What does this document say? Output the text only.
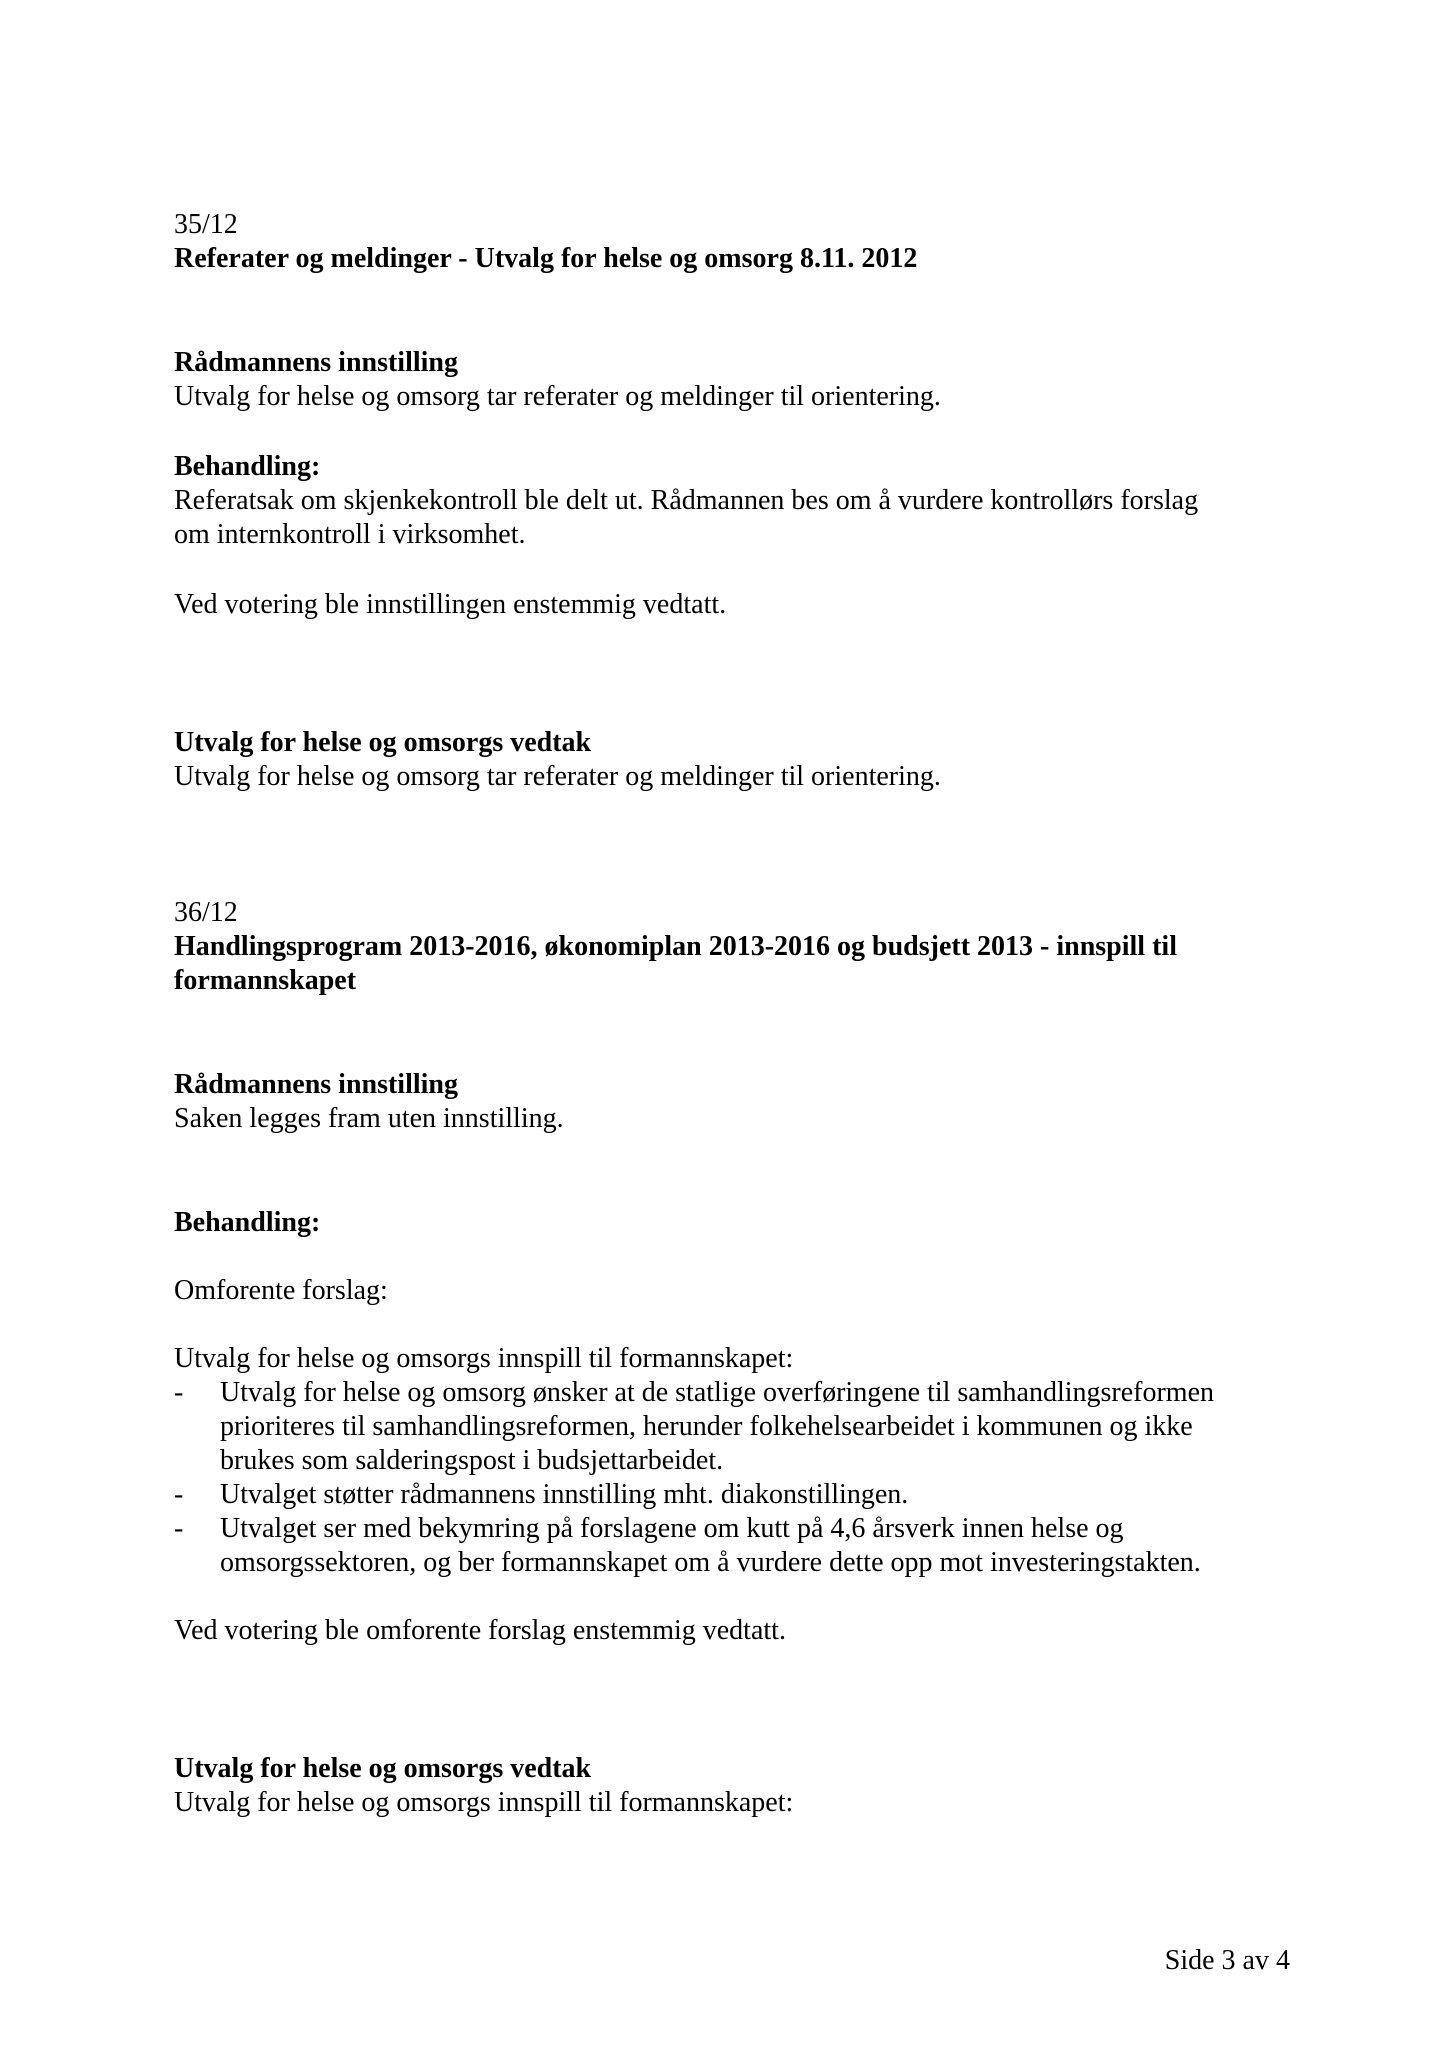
35/12
Referater og meldinger - Utvalg for helse og omsorg 8.11. 2012
Rådmannens innstilling
Utvalg for helse og omsorg tar referater og meldinger til orientering.
Behandling:
Referatsak om skjenkekontroll ble delt ut. Rådmannen bes om å vurdere kontrollørs forslag
om internkontroll i virksomhet.
Ved votering ble innstillingen enstemmig vedtatt.
Utvalg for helse og omsorgs vedtak
Utvalg for helse og omsorg tar referater og meldinger til orientering.
36/12
Handlingsprogram 2013-2016, økonomiplan 2013-2016 og budsjett 2013 - innspill til
formannskapet
Rådmannens innstilling
Saken legges fram uten innstilling.
Behandling:
Omforente forslag:
Utvalg for helse og omsorgs innspill til formannskapet:
- Utvalg for helse og omsorg ønsker at de statlige overføringene til samhandlingsreformen
prioriteres til samhandlingsreformen, herunder folkehelsearbeidet i kommunen og ikke
brukes som salderingspost i budsjettarbeidet.
- Utvalget støtter rådmannens innstilling mht. diakonstillingen.
- Utvalget ser med bekymring på forslagene om kutt på 4,6 årsverk innen helse og
omsorgssektoren, og ber formannskapet om å vurdere dette opp mot investeringstakten.
Ved votering ble omforente forslag enstemmig vedtatt.
Utvalg for helse og omsorgs vedtak
Utvalg for helse og omsorgs innspill til formannskapet:
Side 3 av 4
